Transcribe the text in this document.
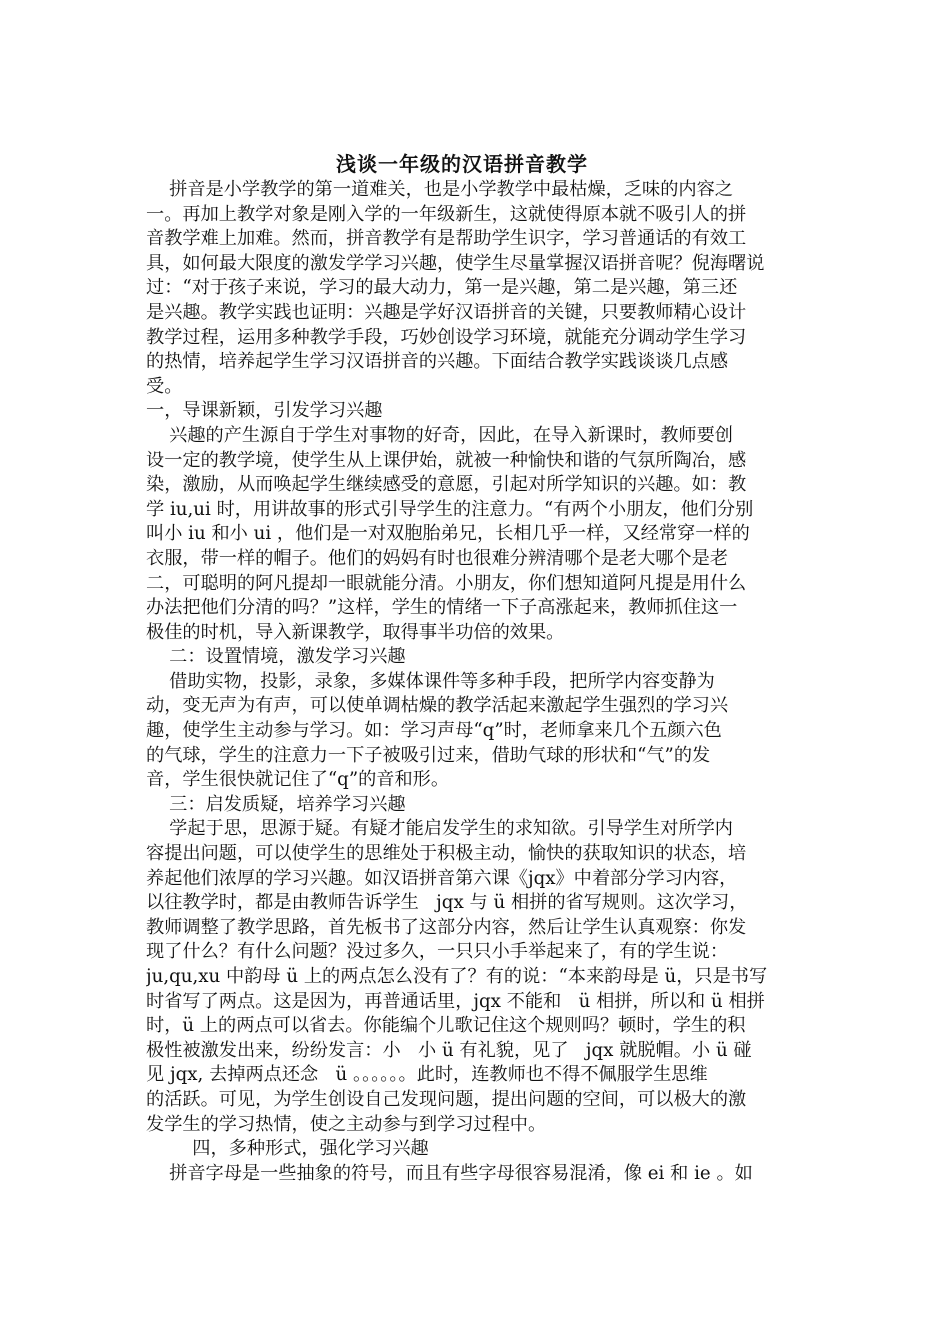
浅谈一年级的汉语拼音教学
拼音是小学教学的第一道难关，也是小学教学中最枯燥，乏味的内容之
一。再加上教学对象是刚入学的一年级新生，这就使得原本就不吸引人的拼
音教学难上加难。然而，拼音教学有是帮助学生识字，学习普通话的有效工
具，如何最大限度的激发学学习兴趣，使学生尽量掌握汉语拼音呢？倪海曙说
过：“对于孩子来说，学习的最大动力，第一是兴趣，第二是兴趣，第三还
是兴趣。教学实践也证明：兴趣是学好汉语拼音的关键，只要教师精心设计
教学过程，运用多种教学手段，巧妙创设学习环境，就能充分调动学生学习
的热情，培养起学生学习汉语拼音的兴趣。下面结合教学实践谈谈几点感
受。
一，导课新颖，引发学习兴趣
兴趣的产生源自于学生对事物的好奇，因此，在导入新课时，教师要创
设一定的教学境，使学生从上课伊始，就被一种愉快和谐的气氛所陶冶，感
染，激励，从而唤起学生继续感受的意愿，引起对所学知识的兴趣。如：教
学 iu,ui 时，用讲故事的形式引导学生的注意力。“有两个小朋友，他们分别
叫小 iu 和小 ui ，他们是一对双胞胎弟兄，长相几乎一样，又经常穿一样的
衣服，带一样的帽子。他们的妈妈有时也很难分辨清哪个是老大哪个是老
二，可聪明的阿凡提却一眼就能分清。小朋友，你们想知道阿凡提是用什么
办法把他们分清的吗？”这样，学生的情绪一下子高涨起来，教师抓住这一
极佳的时机，导入新课教学，取得事半功倍的效果。
二：设置情境，激发学习兴趣
借助实物，投影，录象，多媒体课件等多种手段，把所学内容变静为
动，变无声为有声，可以使单调枯燥的教学活起来激起学生强烈的学习兴
趣，使学生主动参与学习。如：学习声母“q”时，老师拿来几个五颜六色
的气球，学生的注意力一下子被吸引过来，借助气球的形状和“气”的发
音，学生很快就记住了“q”的音和形。
三：启发质疑，培养学习兴趣
学起于思，思源于疑。有疑才能启发学生的求知欲。引导学生对所学内
容提出问题，可以使学生的思维处于积极主动，愉快的获取知识的状态，培
养起他们浓厚的学习兴趣。如汉语拼音第六课《jqx》中着部分学习内容，
以往教学时，都是由教师告诉学生   jqx 与 ü 相拼的省写规则。这次学习，
教师调整了教学思路，首先板书了这部分内容，然后让学生认真观察：你发
现了什么？有什么问题？没过多久，一只只小手举起来了，有的学生说：
ju,qu,xu 中韵母 ü 上的两点怎么没有了？有的说：“本来韵母是 ü，只是书写
时省写了两点。这是因为，再普通话里，jqx 不能和   ü 相拼，所以和 ü 相拼
时，ü 上的两点可以省去。你能编个儿歌记住这个规则吗？顿时，学生的积
极性被激发出来，纷纷发言：小   小 ü 有礼貌，见了   jqx 就脱帽。小 ü 碰
见 jqx, 去掉两点还念   ü 。。。。。。此时，连教师也不得不佩服学生思维
的活跃。可见，为学生创设自己发现问题，提出问题的空间，可以极大的激
发学生的学习热情，使之主动参与到学习过程中。
四，多种形式，强化学习兴趣
拼音字母是一些抽象的符号，而且有些字母很容易混淆，像 ei 和 ie 。如
